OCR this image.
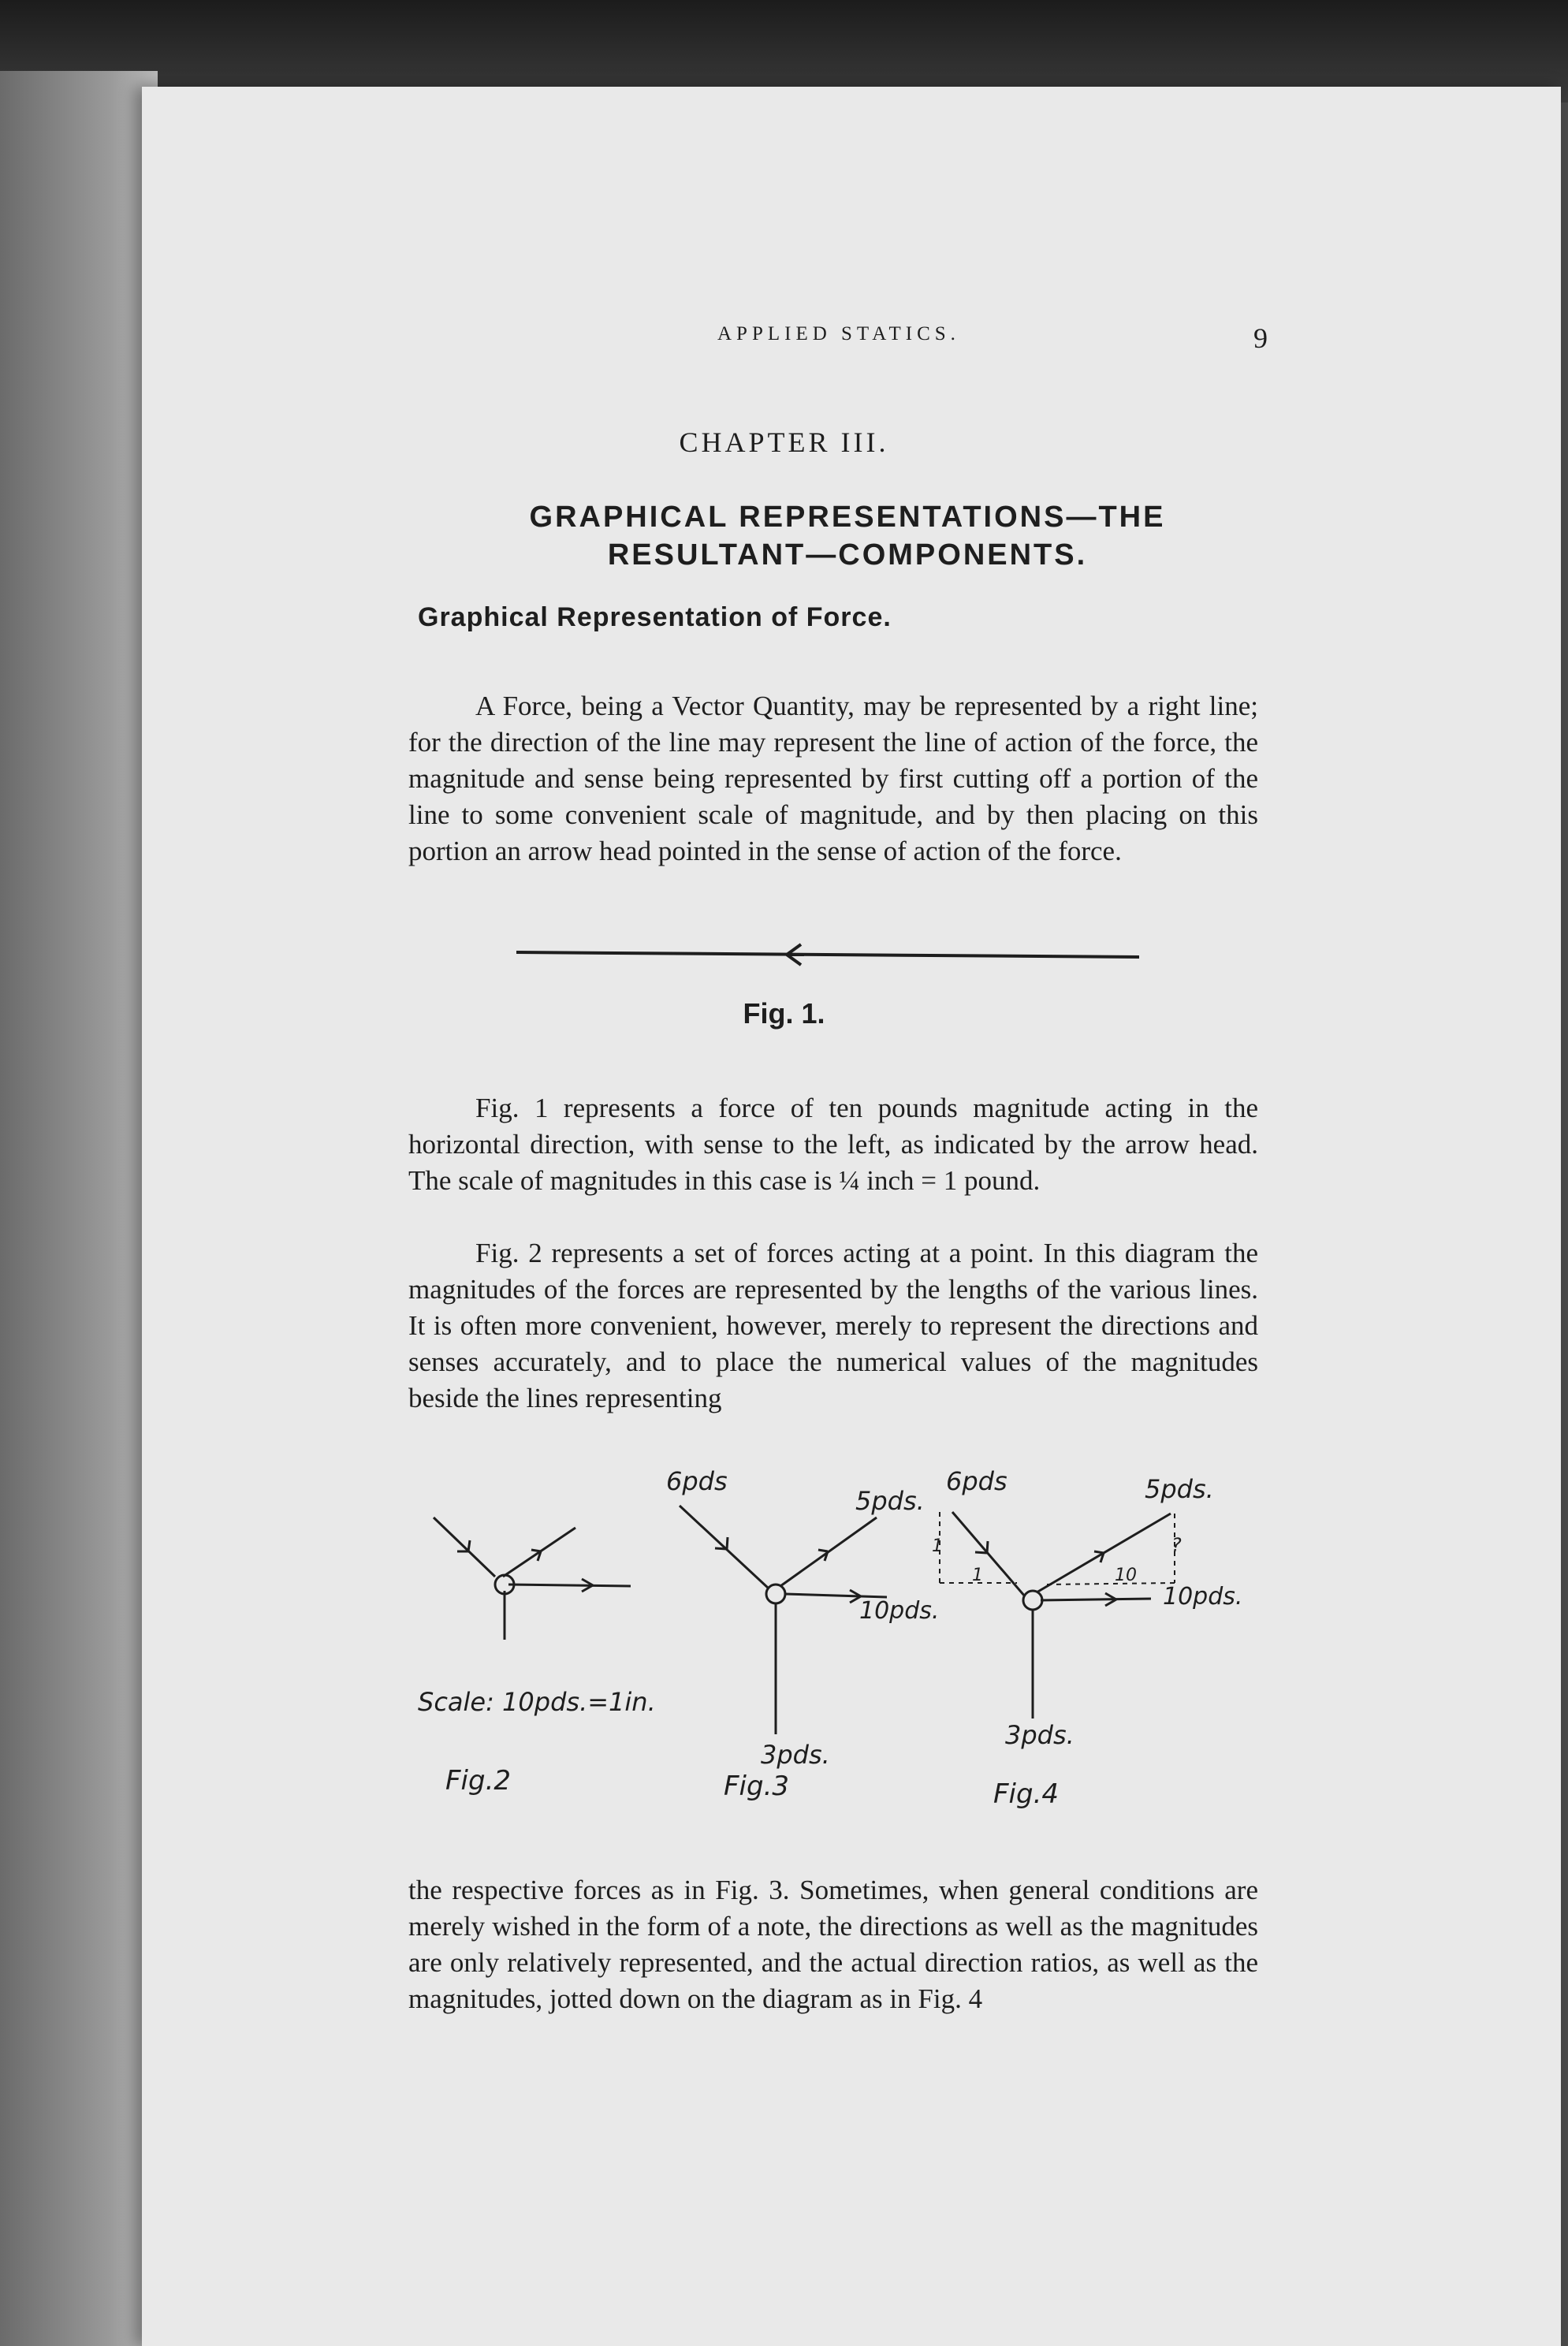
APPLIED STATICS.	9
CHAPTER III.
GRAPHICAL REPRESENTATIONS—THE RESULTANT—COMPONENTS.
Graphical Representation of Force.

A Force, being a Vector Quantity, may be represented by a right line; for the direction of the line may represent the line of action of the force, the magnitude and sense being represented by first cutting off a portion of the line to some convenient scale of magnitude, and by then placing on this portion an arrow head pointed in the sense of action of the force.

Fig. 1.

Fig. 1 represents a force of ten pounds magnitude acting in the horizontal direction, with sense to the left, as indicated by the arrow head. The scale of magnitudes in this case is ¼ inch = 1 pound.

Fig. 2 represents a set of forces acting at a point. In this diagram the magnitudes of the forces are represented by the lengths of the various lines. It is often more convenient, however, merely to represent the directions and senses accurately, and to place the numerical values of the magnitudes beside the lines representing

Scale: 10pds.=1in.
Fig.2
6pds
5pds.
10pds.
3pds.
Fig.3
6pds	5pds.
10pds.
3pds.
Fig.4
1
1	10
?

the respective forces as in Fig. 3. Sometimes, when general conditions are merely wished in the form of a note, the directions as well as the magnitudes are only relatively represented, and the actual direction ratios, as well as the magnitudes, jotted down on the diagram as in Fig. 4
